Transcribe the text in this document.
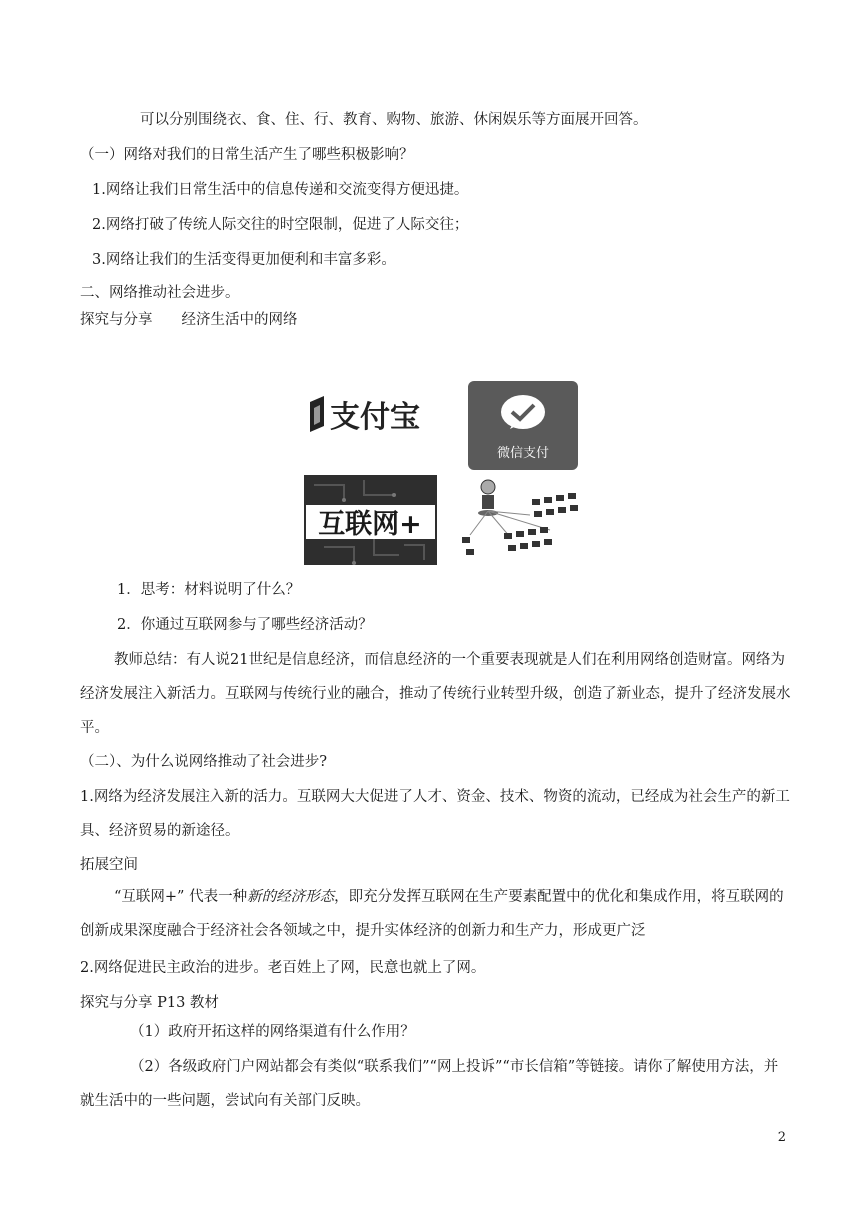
可以分别围绕衣、食、住、行、教育、购物、旅游、休闲娱乐等方面展开回答。
（一）网络对我们的日常生活产生了哪些积极影响？
1.网络让我们日常生活中的信息传递和交流变得方便迅捷。
2.网络打破了传统人际交往的时空限制，促进了人际交往；
3.网络让我们的生活变得更加便利和丰富多彩。
二、网络推动社会进步。
探究与分享　　经济生活中的网络
支付宝
微信支付
互联网+
1．思考：材料说明了什么？
2．你通过互联网参与了哪些经济活动？
教师总结：有人说21世纪是信息经济，而信息经济的一个重要表现就是人们在利用网络创造财富。网络为经济发展注入新活力。互联网与传统行业的融合，推动了传统行业转型升级，创造了新业态，提升了经济发展水平。
（二）、为什么说网络推动了社会进步?
1.网络为经济发展注入新的活力。互联网大大促进了人才、资金、技术、物资的流动，已经成为社会生产的新工具、经济贸易的新途径。
拓展空间
“互联网+” 代表一种新的经济形态，即充分发挥互联网在生产要素配置中的优化和集成作用，将互联网的创新成果深度融合于经济社会各领域之中，提升实体经济的创新力和生产力，形成更广泛
2.网络促进民主政治的进步。老百姓上了网，民意也就上了网。
探究与分享 P13 教材
（1）政府开拓这样的网络渠道有什么作用？
（2）各级政府门户网站都会有类似“联系我们”“网上投诉”“市长信箱”等链接。请你了解使用方法，并就生活中的一些问题，尝试向有关部门反映。
2
